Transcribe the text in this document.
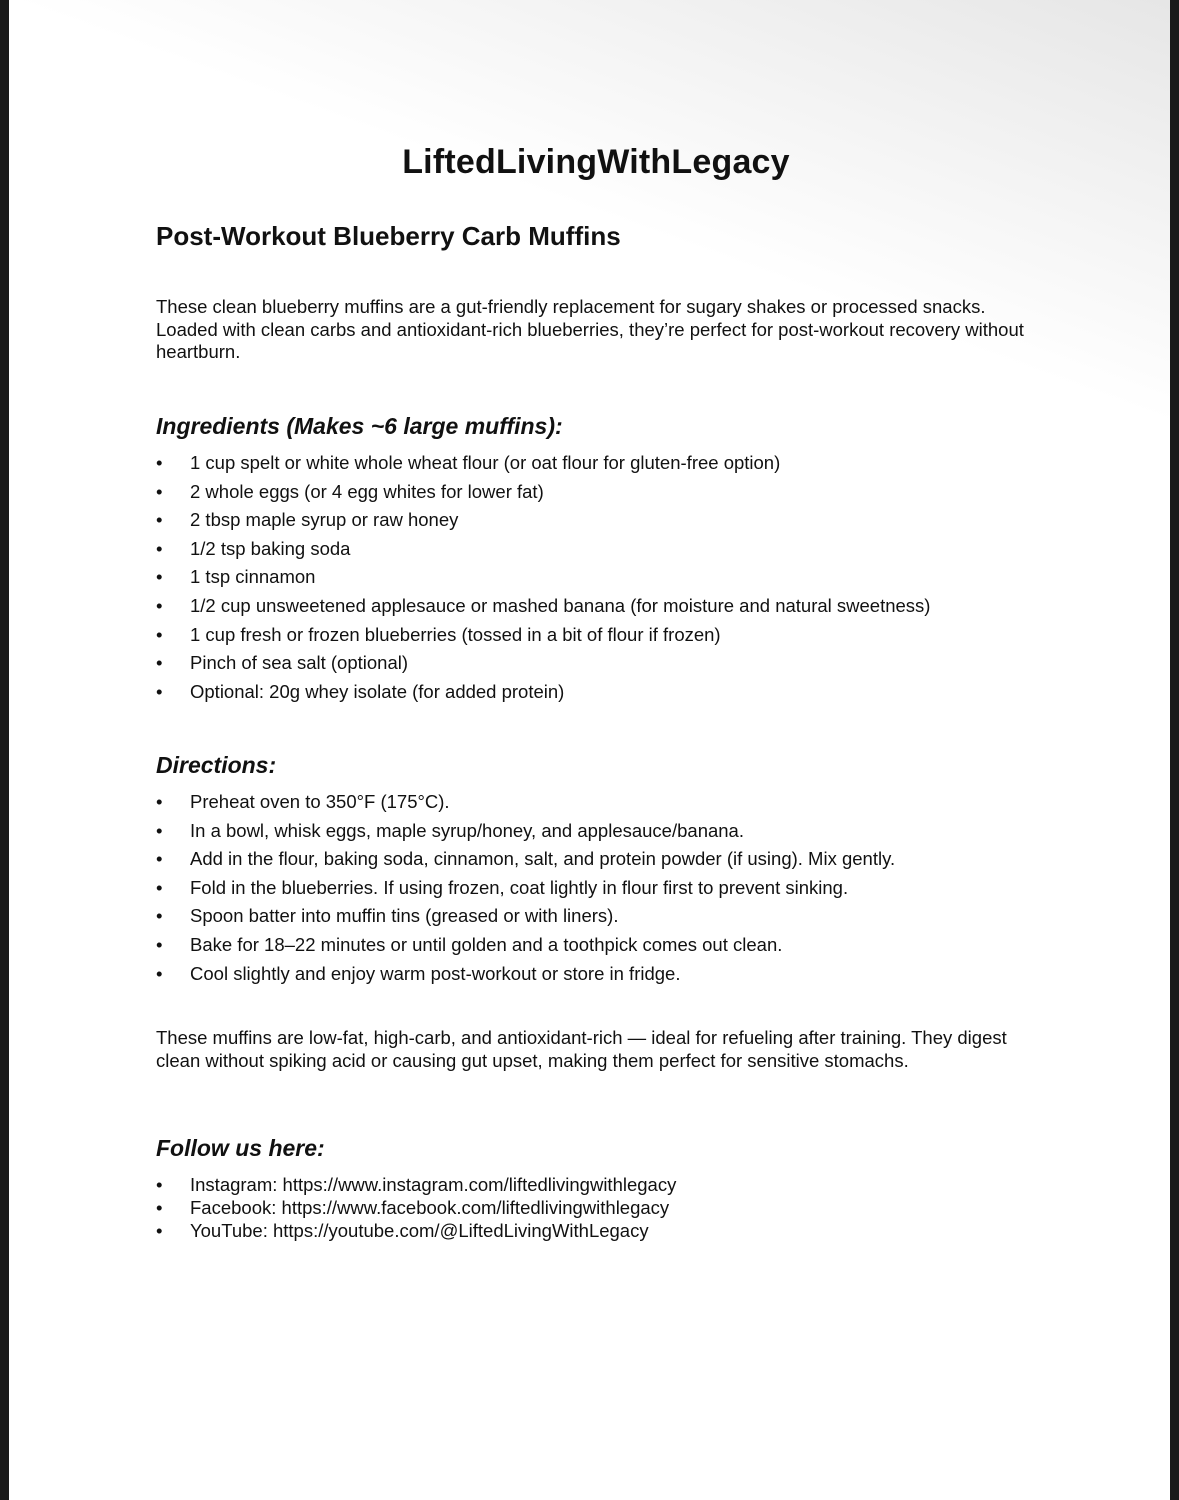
LiftedLivingWithLegacy
Post-Workout Blueberry Carb Muffins

These clean blueberry muffins are a gut-friendly replacement for sugary shakes or processed snacks. Loaded with clean carbs and antioxidant-rich blueberries, they’re perfect for post-workout recovery without heartburn.

Ingredients (Makes ~6 large muffins):
• 1 cup spelt or white whole wheat flour (or oat flour for gluten-free option)
• 2 whole eggs (or 4 egg whites for lower fat)
• 2 tbsp maple syrup or raw honey
• 1/2 tsp baking soda
• 1 tsp cinnamon
• 1/2 cup unsweetened applesauce or mashed banana (for moisture and natural sweetness)
• 1 cup fresh or frozen blueberries (tossed in a bit of flour if frozen)
• Pinch of sea salt (optional)
• Optional: 20g whey isolate (for added protein)
Directions:
• Preheat oven to 350°F (175°C).
• In a bowl, whisk eggs, maple syrup/honey, and applesauce/banana.
• Add in the flour, baking soda, cinnamon, salt, and protein powder (if using). Mix gently.
• Fold in the blueberries. If using frozen, coat lightly in flour first to prevent sinking.
• Spoon batter into muffin tins (greased or with liners).
• Bake for 18–22 minutes or until golden and a toothpick comes out clean.
• Cool slightly and enjoy warm post-workout or store in fridge.

These muffins are low-fat, high-carb, and antioxidant-rich — ideal for refueling after training. They digest clean without spiking acid or causing gut upset, making them perfect for sensitive stomachs.

Follow us here:
• Instagram: https://www.instagram.com/liftedlivingwithlegacy
• Facebook: https://www.facebook.com/liftedlivingwithlegacy
• YouTube: https://youtube.com/@LiftedLivingWithLegacy
